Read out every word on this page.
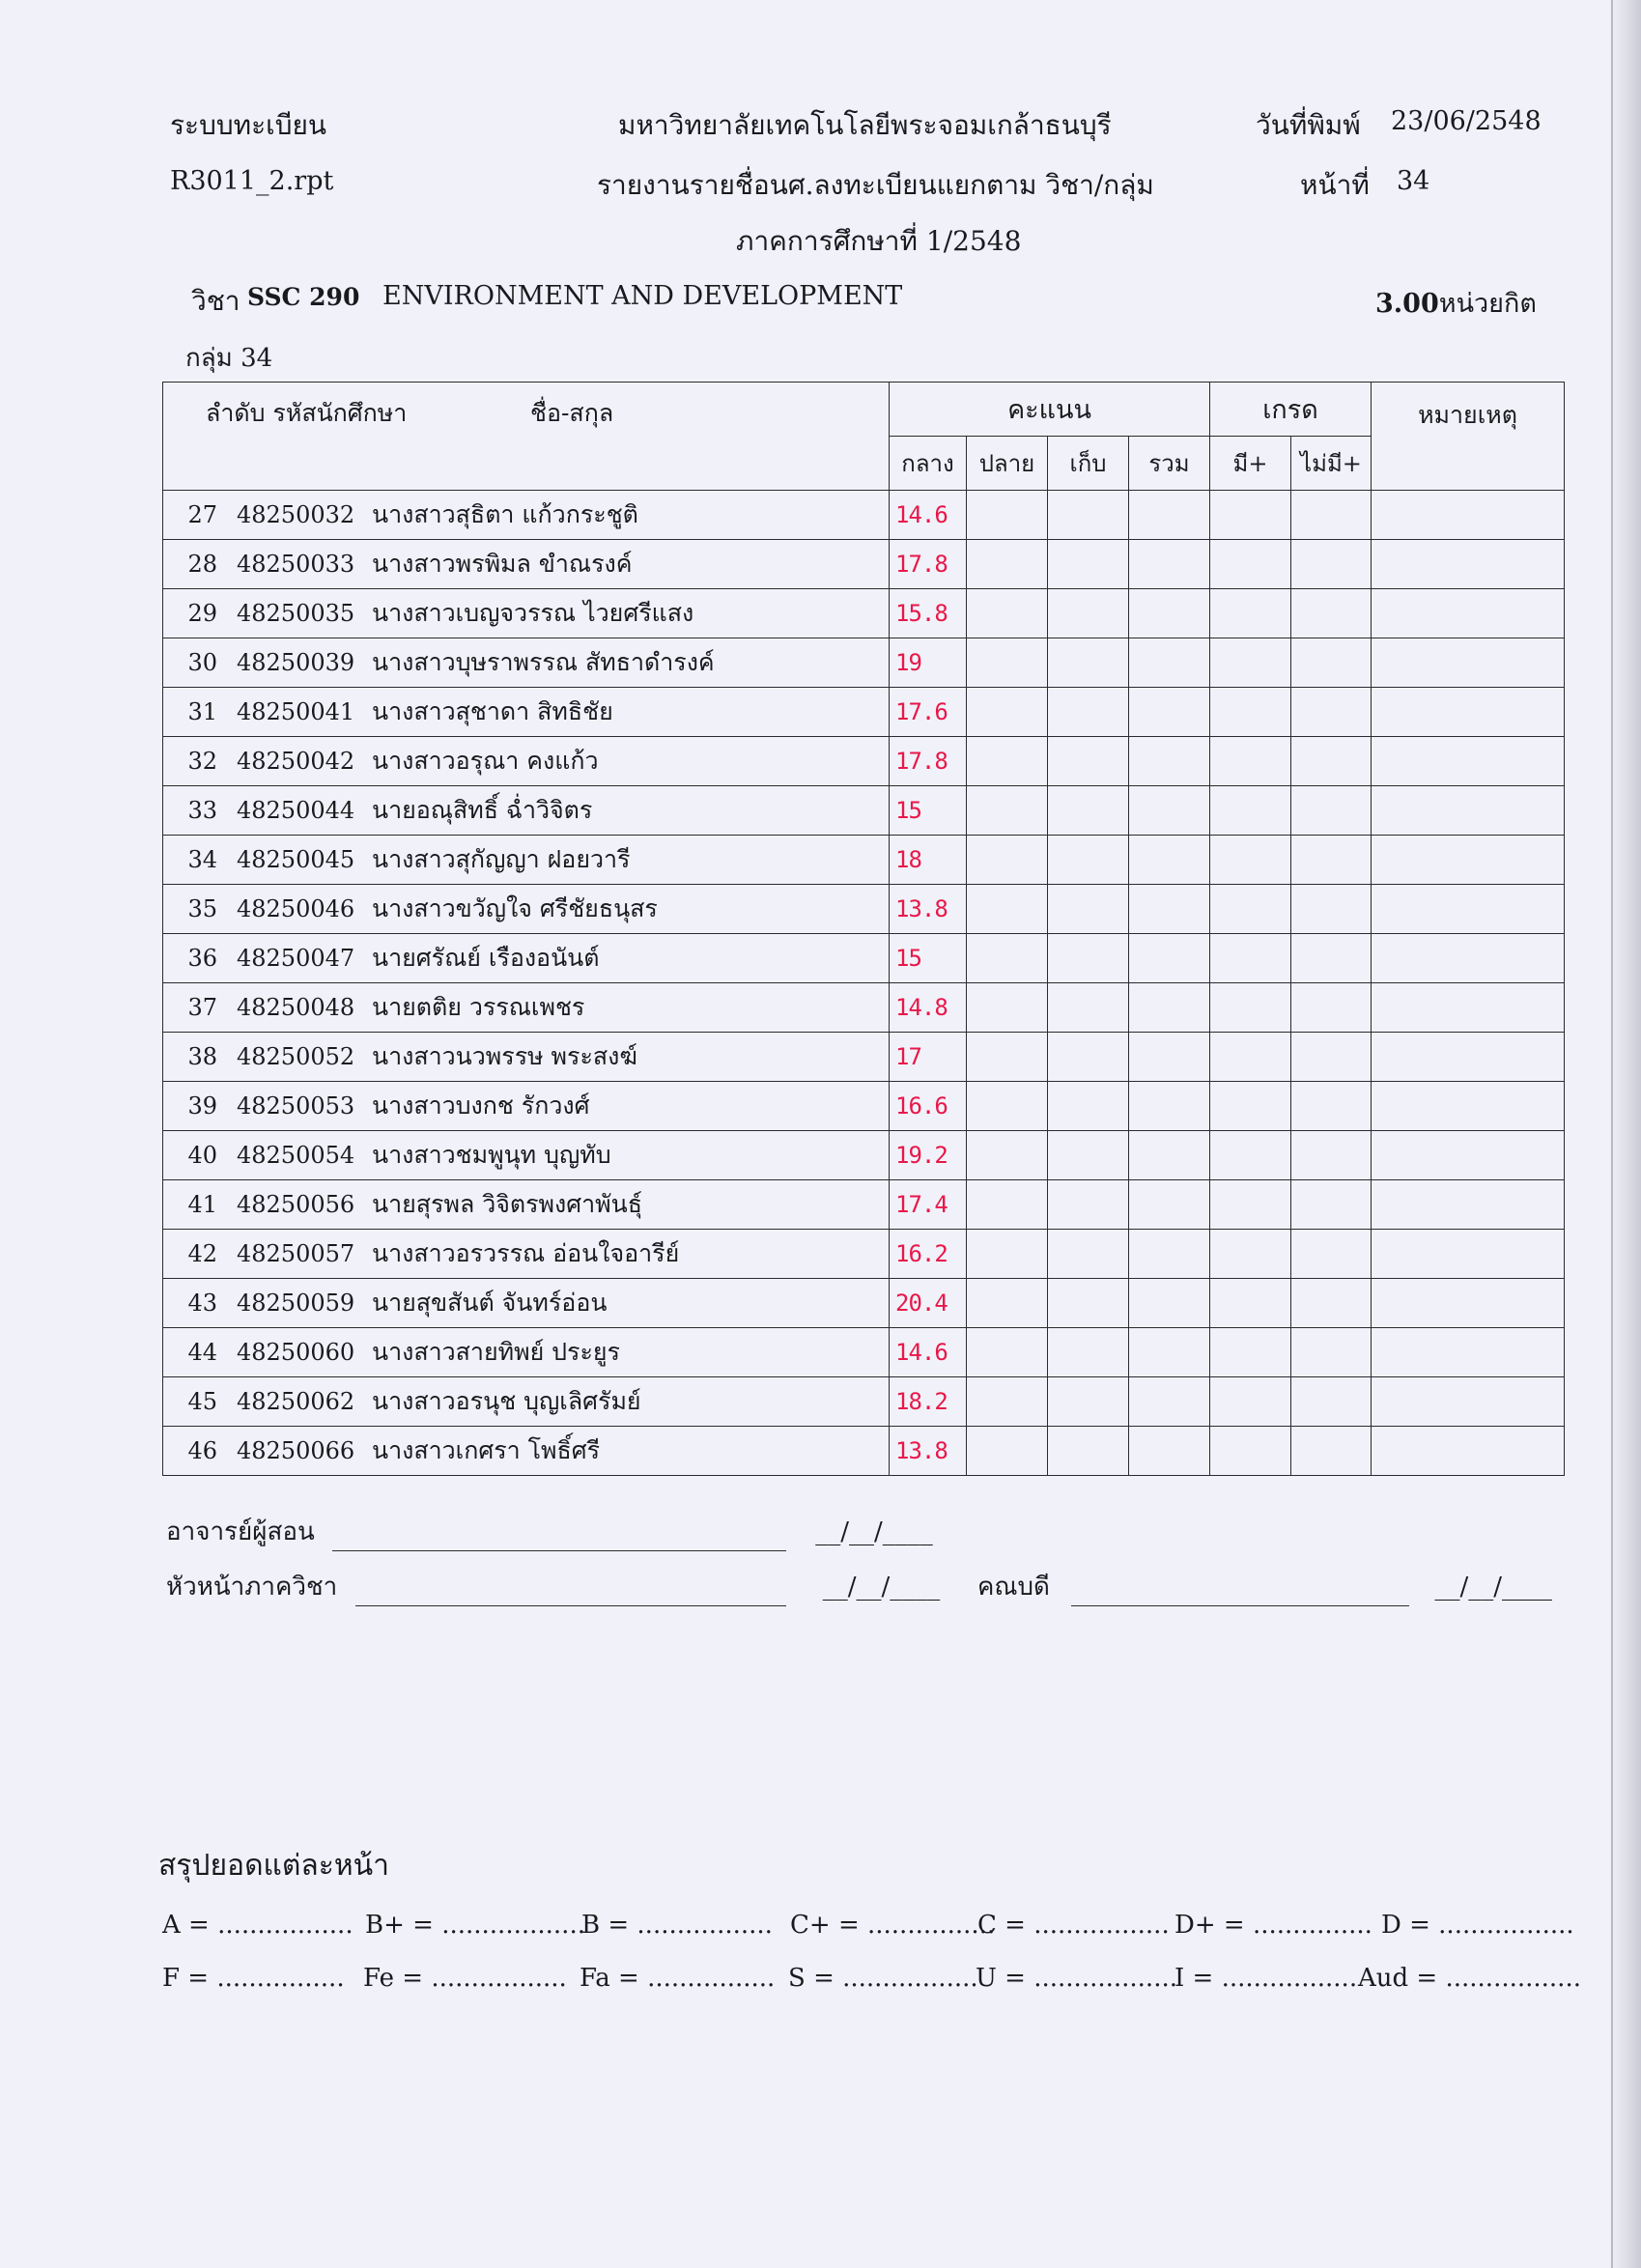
ระบบทะเบียน	มหาวิทยาลัยเทคโนโลยีพระจอมเกล้าธนบุรี	วันที่พิมพ์ 23/06/2548
R3011_2.rpt	รายงานรายชื่อนศ.ลงทะเบียนแยกตาม วิชา/กลุ่ม	หน้าที่ 34
ภาคการศึกษาที่ 1/2548
วิชา SSC 290 ENVIRONMENT AND DEVELOPMENT	3.00หน่วยกิต
กลุ่ม 34
ลำดับ รหัสนักศึกษา ชื่อ-สกุล	คะแนน				เกรด		หมายเหตุ
	กลาง	ปลาย	เก็บ	รวม	มี+	ไม่มี+	
27 48250032 นางสาวสุธิตา แก้วกระชูติ	14.6						
28 48250033 นางสาวพรพิมล ขำณรงค์	17.8						
29 48250035 นางสาวเบญจวรรณ ไวยศรีแสง	15.8						
30 48250039 นางสาวบุษราพรรณ สัทธาดำรงค์	19						
31 48250041 นางสาวสุชาดา สิทธิชัย	17.6						
32 48250042 นางสาวอรุณา คงแก้ว	17.8						
33 48250044 นายอณุสิทธิ์ ฉ่ำวิจิตร	15						
34 48250045 นางสาวสุกัญญา ฝอยวารี	18						
35 48250046 นางสาวขวัญใจ ศรีชัยธนุสร	13.8						
36 48250047 นายศรัณย์ เรืองอนันต์	15						
37 48250048 นายตติย วรรณเพชร	14.8						
38 48250052 นางสาวนวพรรษ พระสงฆ์	17						
39 48250053 นางสาวบงกช รักวงศ์	16.6						
40 48250054 นางสาวชมพูนุท บุญทับ	19.2						
41 48250056 นายสุรพล วิจิตรพงศาพันธุ์	17.4						
42 48250057 นางสาวอรวรรณ อ่อนใจอารีย์	16.2						
43 48250059 นายสุขสันต์ จันทร์อ่อน	20.4						
44 48250060 นางสาวสายทิพย์ ประยูร	14.6						
45 48250062 นางสาวอรนุช บุญเลิศรัมย์	18.2						
46 48250066 นางสาวเกศรา โพธิ์ศรี	13.8						
อาจารย์ผู้สอน	__/__/____
หัวหน้าภาควิชา	__/__/____ คณบดี	__/__/____
สรุปยอดแต่ละหน้า
A = ................. B+ = ..................
B = ................. C+ = ................
C = ................. D+ = ............... D = .................
F = ................ Fe = ................. Fa = ................ S = .................
U = ..................
I = ................. Aud = .................
